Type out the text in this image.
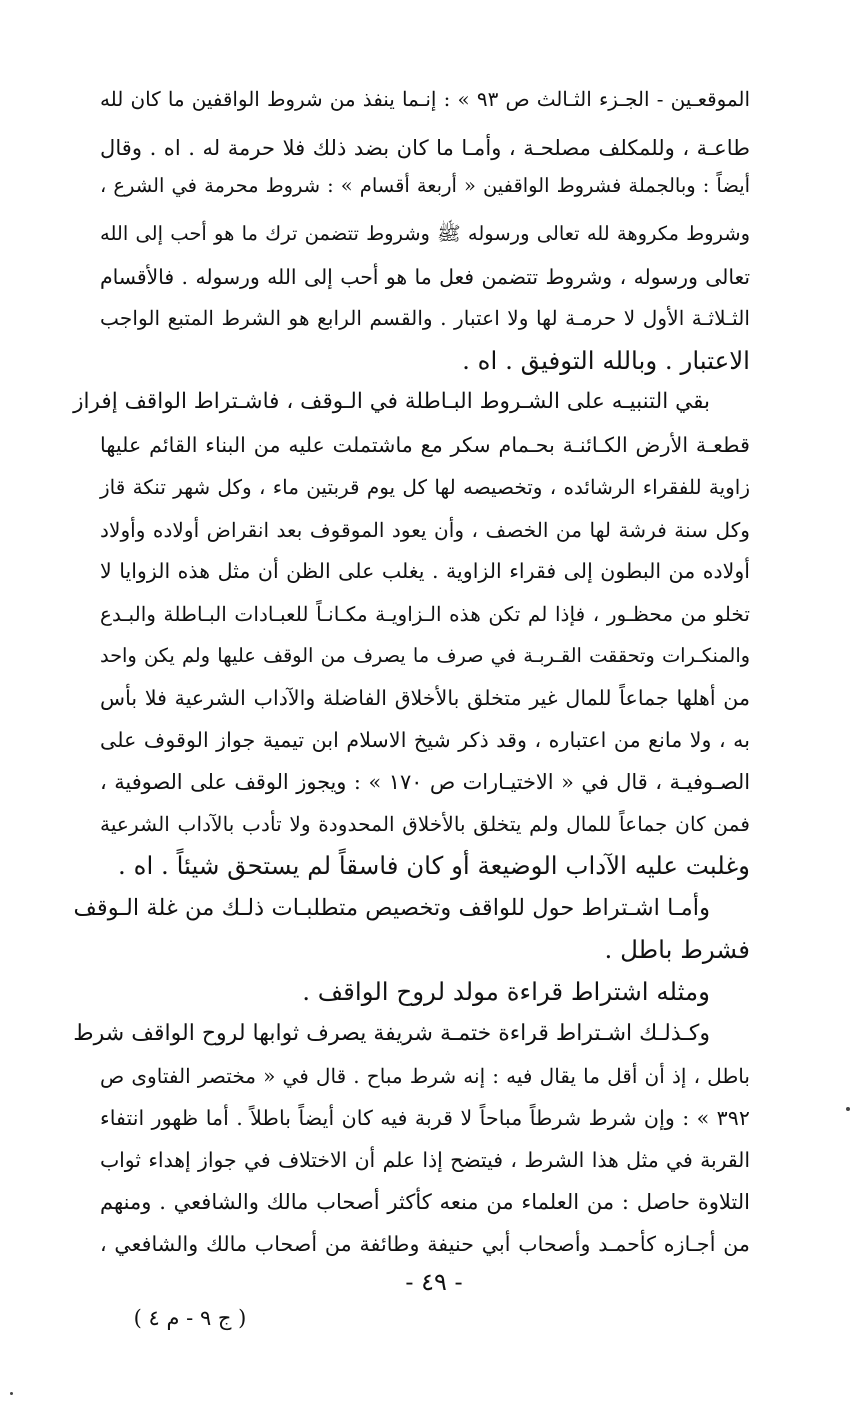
الموقعـين - الجـزء الثـالث ص ٩٣ » : إنـما ينفذ من شروط الواقفين ما كان لله
طاعـة ، وللمكلف مصلحـة ، وأمـا ما كان بضد ذلك فلا حرمة له . اه . وقال
أيضاً : وبالجملة فشروط الواقفين « أربعة أقسام » : شروط محرمة في الشرع ،
وشروط مكروهة لله تعالى ورسوله ﷺ وشروط تتضمن ترك ما هو أحب إلى الله
تعالى ورسوله ، وشروط تتضمن فعل ما هو أحب إلى الله ورسوله . فالأقسام
الثـلاثـة الأول لا حرمـة لها ولا اعتبار . والقسم الرابع هو الشرط المتبع الواجب
الاعتبار . وبالله التوفيق . اه .
بقي التنبيـه على الشـروط البـاطلة في الـوقف ، فاشـتراط الواقف إفراز
قطعـة الأرض الكـائنـة بحـمام سكر مع ماشتملت عليه من البناء القائم عليها
زاوية للفقراء الرشائده ، وتخصيصه لها كل يوم قربتين ماء ، وكل شهر تنكة قاز
وكل سنة فرشة لها من الخصف ، وأن يعود الموقوف بعد انقراض أولاده وأولاد
أولاده من البطون إلى فقراء الزاوية . يغلب على الظن أن مثل هذه الزوايا لا
تخلو من محظـور ، فإذا لم تكن هذه الـزاويـة مكـانـاً للعبـادات البـاطلة والبـدع
والمنكـرات وتحققت القـربـة في صرف ما يصرف من الوقف عليها ولم يكن واحد
من أهلها جماعاً للمال غير متخلق بالأخلاق الفاضلة والآداب الشرعية فلا بأس
به ، ولا مانع من اعتباره ، وقد ذكر شيخ الاسلام ابن تيمية جواز الوقوف على
الصـوفيـة ، قال في « الاختيـارات ص ١٧٠ » : ويجوز الوقف على الصوفية ،
فمن كان جماعاً للمال ولم يتخلق بالأخلاق المحدودة ولا تأدب بالآداب الشرعية
وغلبت عليه الآداب الوضيعة أو كان فاسقاً لم يستحق شيئاً . اه .
وأمـا اشـتراط حول للواقف وتخصيص متطلبـات ذلـك من غلة الـوقف
فشرط باطل .
ومثله اشتراط قراءة مولد لروح الواقف .
وكـذلـك اشـتراط قراءة ختمـة شريفة يصرف ثوابها لروح الواقف شرط
باطل ، إذ أن أقل ما يقال فيه : إنه شرط مباح . قال في « مختصر الفتاوى ص
٣٩٢ » : وإن شرط شرطاً مباحاً لا قربة فيه كان أيضاً باطلاً . أما ظهور انتفاء
القربة في مثل هذا الشرط ، فيتضح إذا علم أن الاختلاف في جواز إهداء ثواب
التلاوة حاصل : من العلماء من منعه كأكثر أصحاب مالك والشافعي . ومنهم
من أجـازه كأحمـد وأصحاب أبي حنيفة وطائفة من أصحاب مالك والشافعي ،
- ٤٩ -
( ج ٩ - م ٤ )
